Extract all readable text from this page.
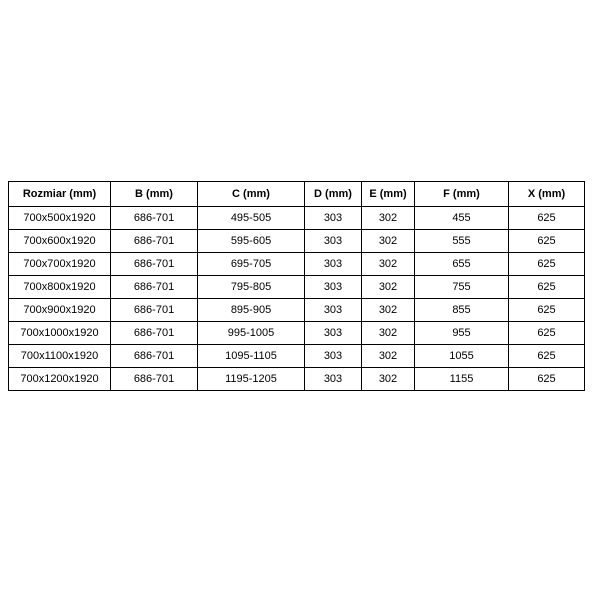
Rozmiar (mm)	B (mm)	C (mm)	D (mm)	E (mm)	F (mm)	X (mm)
700x500x1920	686-701	495-505	303	302	455	625
700x600x1920	686-701	595-605	303	302	555	625
700x700x1920	686-701	695-705	303	302	655	625
700x800x1920	686-701	795-805	303	302	755	625
700x900x1920	686-701	895-905	303	302	855	625
700x1000x1920	686-701	995-1005	303	302	955	625
700x1100x1920	686-701	1095-1105	303	302	1055	625
700x1200x1920	686-701	1195-1205	303	302	1155	625
